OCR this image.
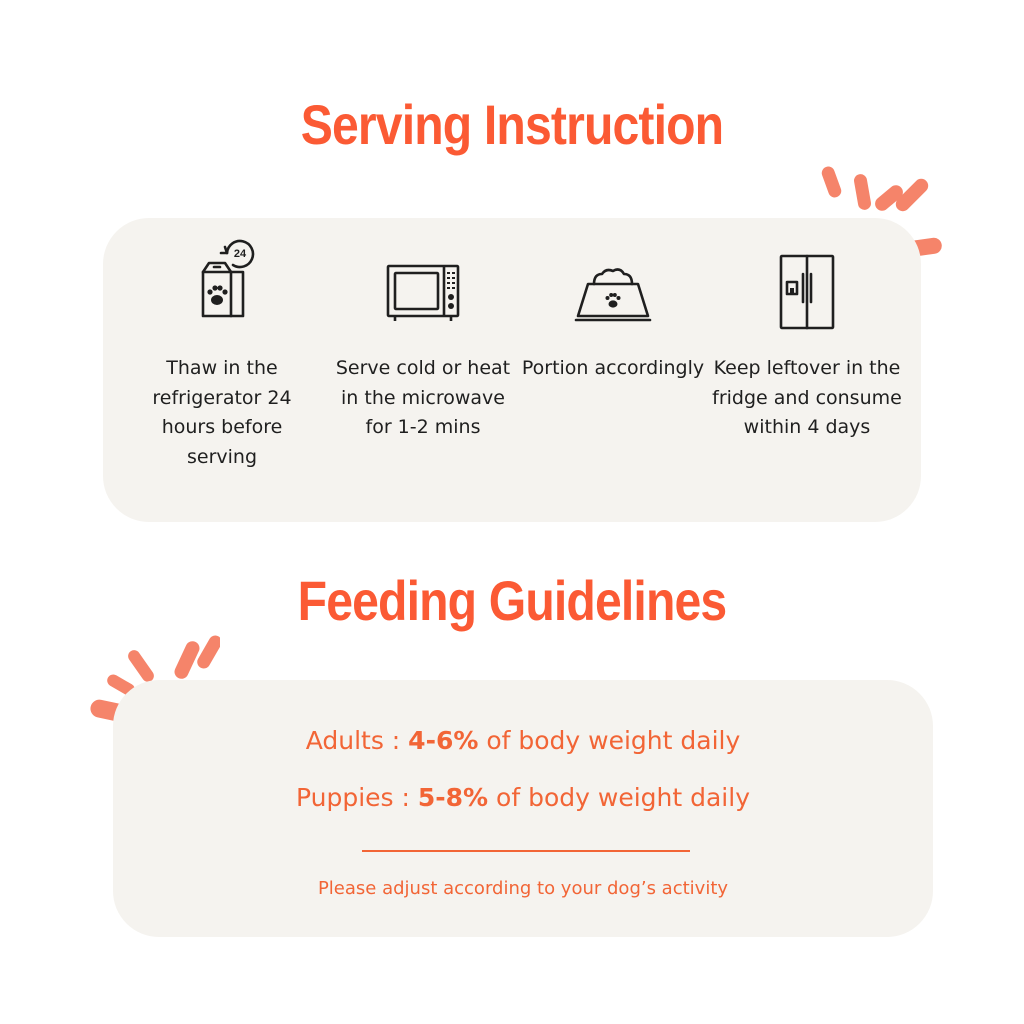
Serving Instruction
24
Thaw in the refrigerator 24 hours before serving
Serve cold or heat in the microwave for 1-2 mins
Portion accordingly Keep leftover in the fridge and consume within 4 days
Feeding Guidelines
Adults : 4-6% of body weight daily
Puppies : 5-8% of body weight daily
Please adjust according to your dog’s activity
